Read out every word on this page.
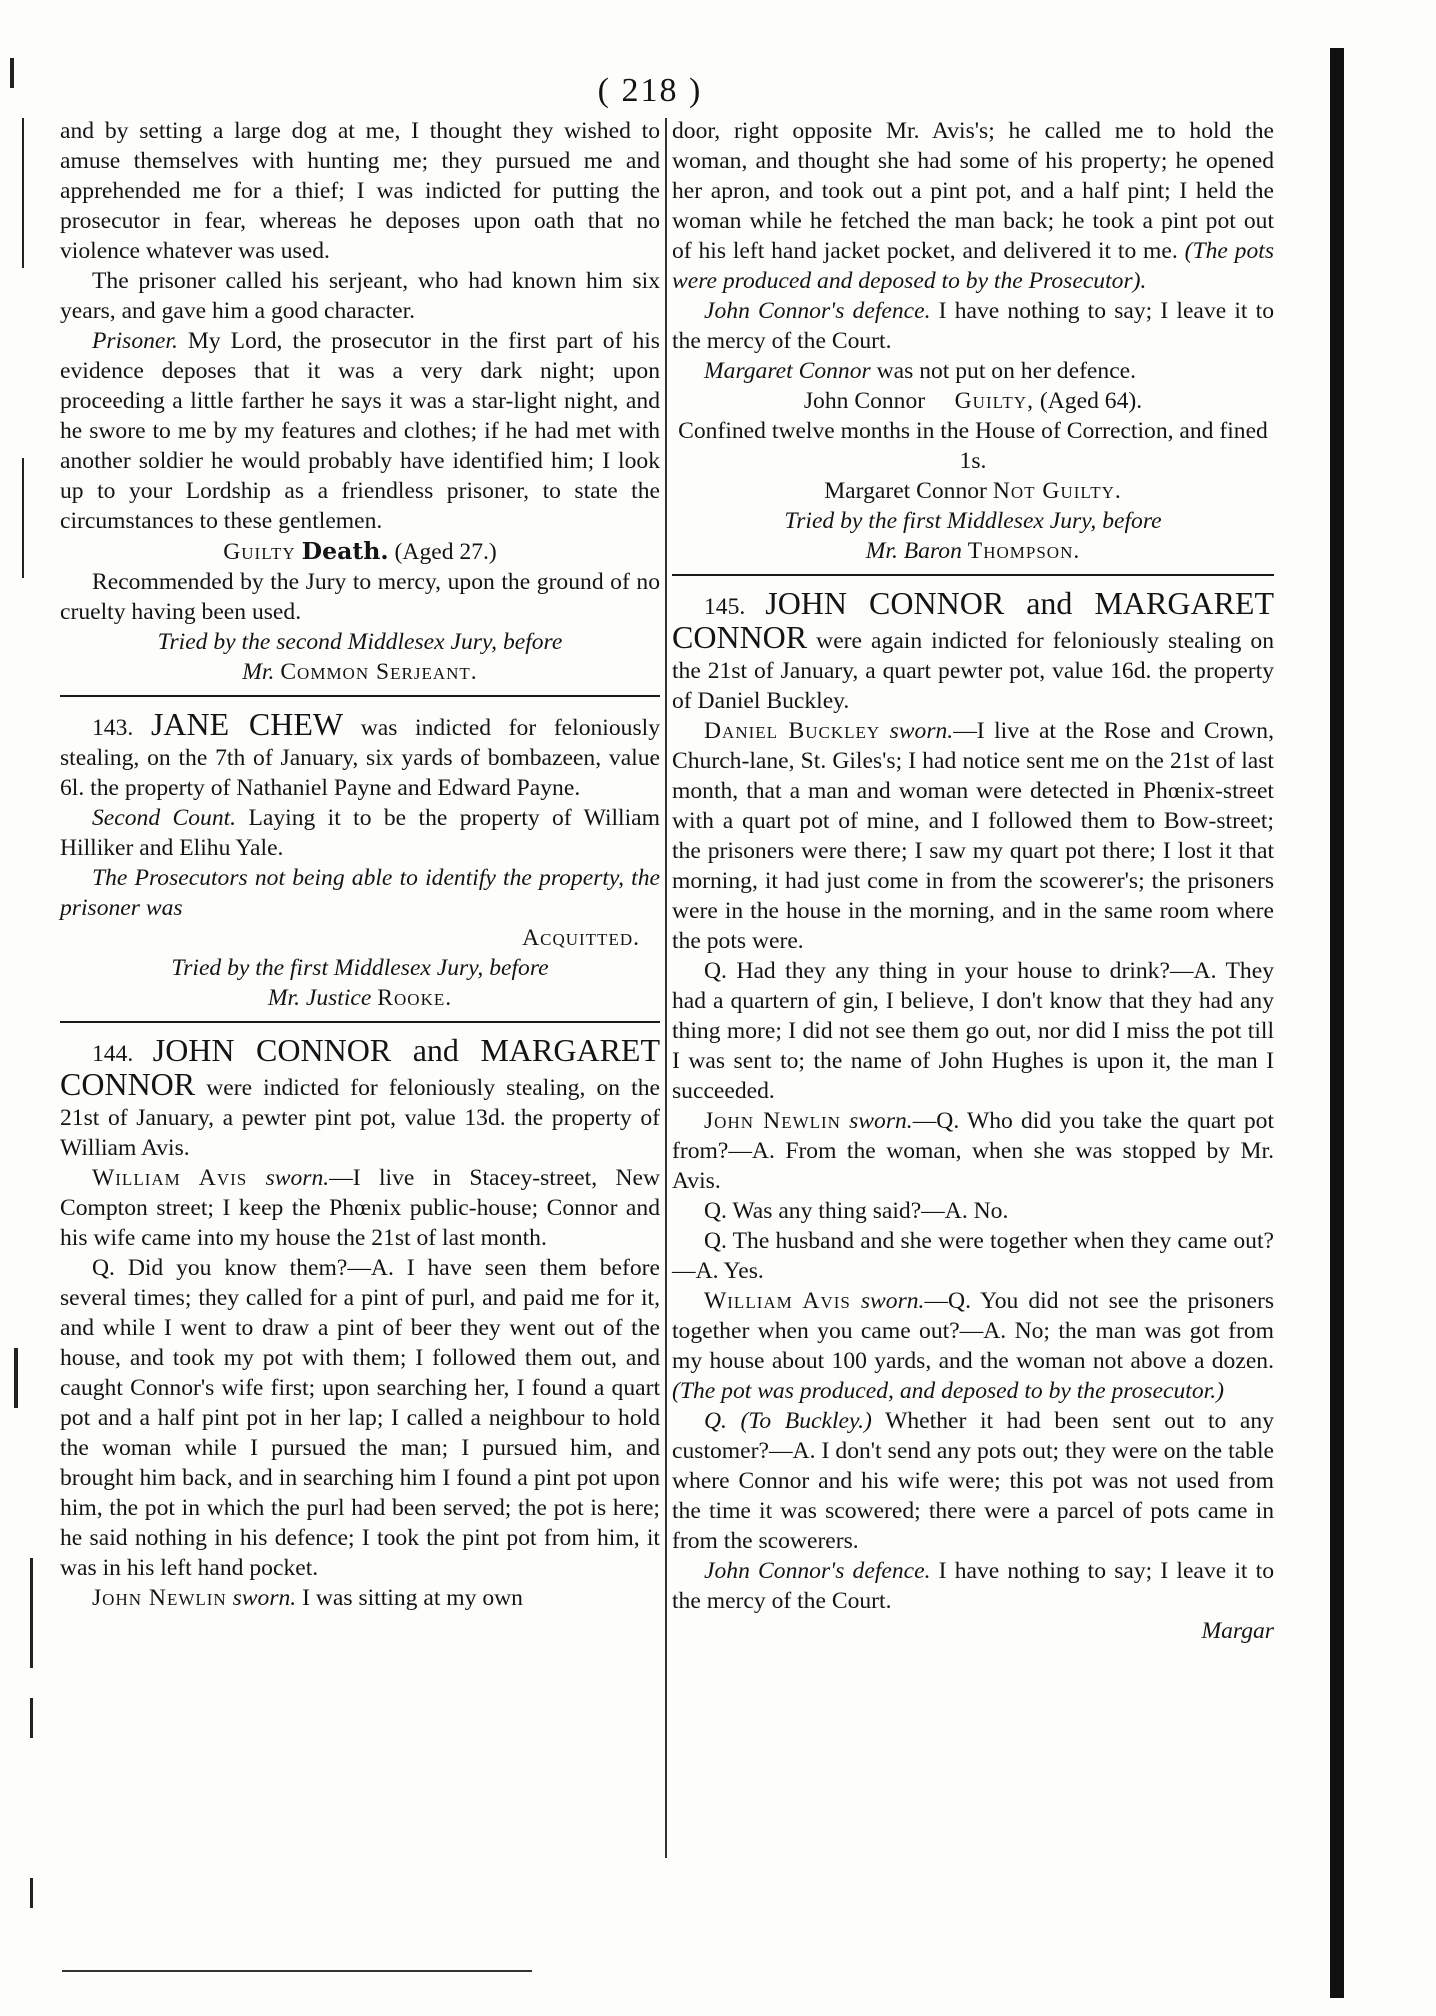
( 218 )

and by setting a large dog at me, I thought they wished to amuse themselves with hunting me; they pursued me and apprehended me for a thief; I was indicted for putting the prosecutor in fear, whereas he deposes upon oath that no violence whatever was used.

The prisoner called his serjeant, who had known him six years, and gave him a good character.

Prisoner. My Lord, the prosecutor in the first part of his evidence deposes that it was a very dark night; upon proceeding a little farther he says it was a star-light night, and he swore to me by my features and clothes; if he had met with another soldier he would probably have identified him; I look up to your Lordship as a friendless prisoner, to state the circumstances to these gentlemen.

Guilty Death. (Aged 27.)

Recommended by the Jury to mercy, upon the ground of no cruelty having been used.

Tried by the second Middlesex Jury, before

Mr. Common Serjeant.

143. JANE CHEW was indicted for feloniously stealing, on the 7th of January, six yards of bombazeen, value 6l. the property of Nathaniel Payne and Edward Payne.

Second Count. Laying it to be the property of William Hilliker and Elihu Yale.

The Prosecutors not being able to identify the property, the prisoner was

Acquitted.

Tried by the first Middlesex Jury, before

Mr. Justice Rooke.

144. JOHN CONNOR and MARGARET CONNOR were indicted for feloniously stealing, on the 21st of January, a pewter pint pot, value 13d. the property of William Avis.

William Avis sworn.—I live in Stacey-street, New Compton street; I keep the Phœnix public-house; Connor and his wife came into my house the 21st of last month.

Q. Did you know them?—A. I have seen them before several times; they called for a pint of purl, and paid me for it, and while I went to draw a pint of beer they went out of the house, and took my pot with them; I followed them out, and caught Connor's wife first; upon searching her, I found a quart pot and a half pint pot in her lap; I called a neighbour to hold the woman while I pursued the man; I pursued him, and brought him back, and in searching him I found a pint pot upon him, the pot in which the purl had been served; the pot is here; he said nothing in his defence; I took the pint pot from him, it was in his left hand pocket.

John Newlin sworn. I was sitting at my own

door, right opposite Mr. Avis's; he called me to hold the woman, and thought she had some of his property; he opened her apron, and took out a pint pot, and a half pint; I held the woman while he fetched the man back; he took a pint pot out of his left hand jacket pocket, and delivered it to me. (The pots were produced and deposed to by the Prosecutor).

John Connor's defence. I have nothing to say; I leave it to the mercy of the Court.

Margaret Connor was not put on her defence.

John Connor Guilty, (Aged 64).

Confined twelve months in the House of Correction, and fined 1s.

Margaret Connor Not Guilty.

Tried by the first Middlesex Jury, before

Mr. Baron Thompson.

145. JOHN CONNOR and MARGARET CONNOR were again indicted for feloniously stealing on the 21st of January, a quart pewter pot, value 16d. the property of Daniel Buckley.

Daniel Buckley sworn.—I live at the Rose and Crown, Church-lane, St. Giles's; I had notice sent me on the 21st of last month, that a man and woman were detected in Phœnix-street with a quart pot of mine, and I followed them to Bow-street; the prisoners were there; I saw my quart pot there; I lost it that morning, it had just come in from the scowerer's; the prisoners were in the house in the morning, and in the same room where the pots were.

Q. Had they any thing in your house to drink?—A. They had a quartern of gin, I believe, I don't know that they had any thing more; I did not see them go out, nor did I miss the pot till I was sent to; the name of John Hughes is upon it, the man I succeeded.

John Newlin sworn.—Q. Who did you take the quart pot from?—A. From the woman, when she was stopped by Mr. Avis.

Q. Was any thing said?—A. No.

Q. The husband and she were together when they came out?—A. Yes.

William Avis sworn.—Q. You did not see the prisoners together when you came out?—A. No; the man was got from my house about 100 yards, and the woman not above a dozen. (The pot was produced, and deposed to by the prosecutor.)

Q. (To Buckley.) Whether it had been sent out to any customer?—A. I don't send any pots out; they were on the table where Connor and his wife were; this pot was not used from the time it was scowered; there were a parcel of pots came in from the scowerers.

John Connor's defence. I have nothing to say; I leave it to the mercy of the Court.

Margar
